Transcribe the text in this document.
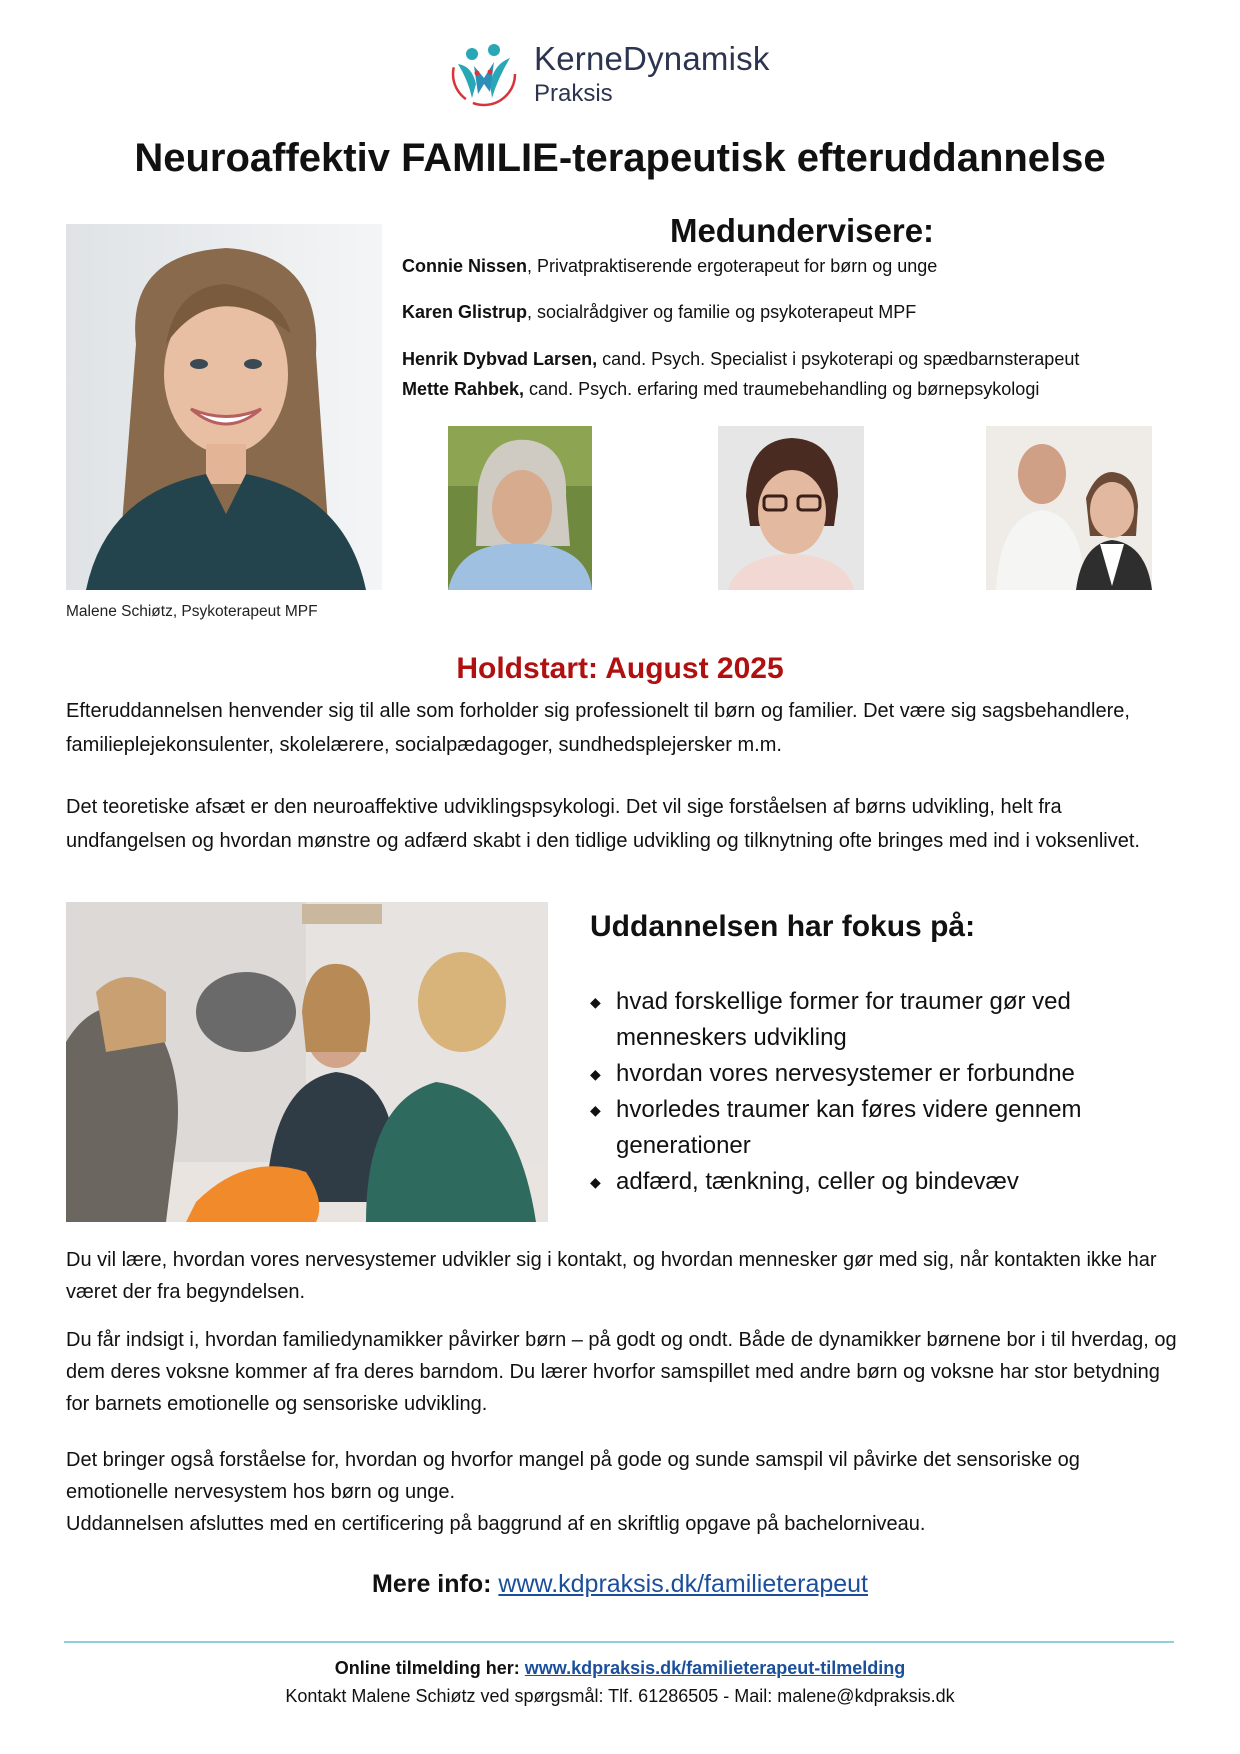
KerneDynamisk
Praksis
Neuroaffektiv FAMILIE-terapeutisk efteruddannelse
Malene Schiøtz, Psykoterapeut MPF
Medundervisere:
Connie Nissen, Privatpraktiserende ergoterapeut for børn og unge
Karen Glistrup, socialrådgiver og familie og psykoterapeut MPF
Henrik Dybvad Larsen, cand. Psych. Specialist i psykoterapi og spædbarnsterapeut
Mette Rahbek, cand. Psych. erfaring med traumebehandling og børnepsykologi
Holdstart: August 2025
Efteruddannelsen henvender sig til alle som forholder sig professionelt til børn og familier. Det være sig sagsbehandlere, familieplejekonsulenter, skolelærere, socialpædagoger, sundhedsplejersker m.m.
Det teoretiske afsæt er den neuroaffektive udviklingspsykologi. Det vil sige forståelsen af børns udvikling, helt fra undfangelsen og hvordan mønstre og adfærd skabt i den tidlige udvikling og tilknytning ofte bringes med ind i voksenlivet.
Uddannelsen har fokus på:
◆ hvad forskellige former for traumer gør ved menneskers udvikling
◆ hvordan vores nervesystemer er forbundne
◆ hvorledes traumer kan føres videre gennem generationer
◆ adfærd, tænkning, celler og bindevæv
Du vil lære, hvordan vores nervesystemer udvikler sig i kontakt, og hvordan mennesker gør med sig, når kontakten ikke har været der fra begyndelsen.
Du får indsigt i, hvordan familiedynamikker påvirker børn – på godt og ondt. Både de dynamikker børnene bor i til hverdag, og dem deres voksne kommer af fra deres barndom. Du lærer hvorfor samspillet med andre børn og voksne har stor betydning for barnets emotionelle og sensoriske udvikling.
Det bringer også forståelse for, hvordan og hvorfor mangel på gode og sunde samspil vil påvirke det sensoriske og emotionelle nervesystem hos børn og unge.
Uddannelsen afsluttes med en certificering på baggrund af en skriftlig opgave på bachelorniveau.
Mere info: www.kdpraksis.dk/familieterapeut
Online tilmelding her: www.kdpraksis.dk/familieterapeut-tilmelding
Kontakt Malene Schiøtz ved spørgsmål: Tlf. 61286505 - Mail: malene@kdpraksis.dk
